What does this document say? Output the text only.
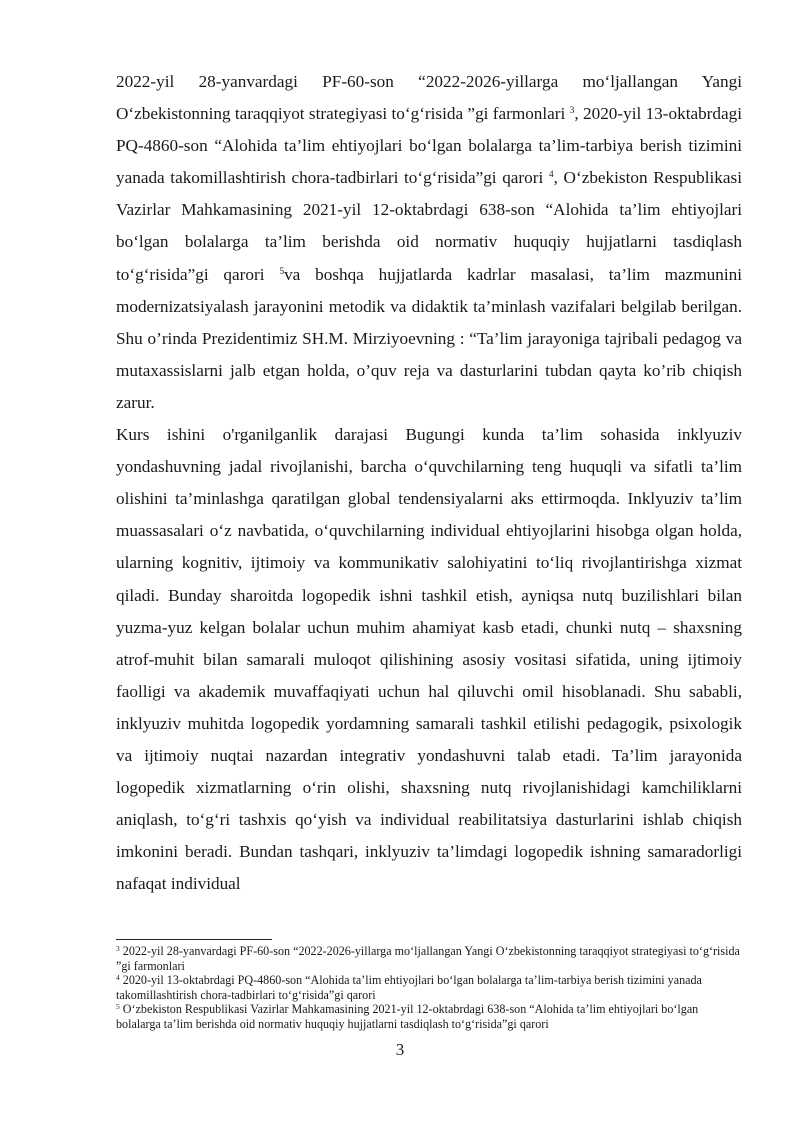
2022-yil 28-yanvardagi PF-60-son “2022-2026-yillarga mo‘ljallangan Yangi O‘zbekistonning taraqqiyot strategiyasi to‘g‘risida ”gi farmonlari $^3$, 2020-yil 13-oktabrdagi PQ-4860-son “Alohida ta’lim ehtiyojlari bo‘lgan bolalarga ta’lim-tarbiya berish tizimini yanada takomillashtirish chora-tadbirlari to‘g‘risida”gi qarori $^4$, O‘zbekiston Respublikasi Vazirlar Mahkamasining 2021-yil 12-oktabrdagi 638-son “Alohida ta’lim ehtiyojlari bo‘lgan bolalarga ta’lim berishda oid normativ huquqiy hujjatlarni tasdiqlash to‘g‘risida”gi qarori $^5$va boshqa hujjatlarda kadrlar masalasi, ta’lim mazmunini modernizatsiyalash jarayonini metodik va didaktik ta’minlash vazifalari belgilab berilgan. Shu o’rinda Prezidentimiz SH.M. Mirziyoevning : “Ta’lim jarayoniga tajribali pedagog va mutaxassislarni jalb etgan holda, o’quv reja va dasturlarini tubdan qayta ko’rib chiqish zarur.

Kurs ishini o'rganilganlik darajasi Bugungi kunda ta’lim sohasida inklyuziv yondashuvning jadal rivojlanishi, barcha o‘quvchilarning teng huquqli va sifatli ta’lim olishini ta’minlashga qaratilgan global tendensiyalarni aks ettirmoqda. Inklyuziv ta’lim muassasalari o‘z navbatida, o‘quvchilarning individual ehtiyojlarini hisobga olgan holda, ularning kognitiv, ijtimoiy va kommunikativ salohiyatini to‘liq rivojlantirishga xizmat qiladi. Bunday sharoitda logopedik ishni tashkil etish, ayniqsa nutq buzilishlari bilan yuzma-yuz kelgan bolalar uchun muhim ahamiyat kasb etadi, chunki nutq – shaxsning atrof-muhit bilan samarali muloqot qilishining asosiy vositasi sifatida, uning ijtimoiy faolligi va akademik muvaffaqiyati uchun hal qiluvchi omil hisoblanadi. Shu sababli, inklyuziv muhitda logopedik yordamning samarali tashkil etilishi pedagogik, psixologik va ijtimoiy nuqtai nazardan integrativ yondashuvni talab etadi. Ta’lim jarayonida logopedik xizmatlarning o‘rin olishi, shaxsning nutq rivojlanishidagi kamchiliklarni aniqlash, to‘g‘ri tashxis qo‘yish va individual reabilitatsiya dasturlarini ishlab chiqish imkonini beradi. Bundan tashqari, inklyuziv ta’limdagi logopedik ishning samaradorligi nafaqat individual

$^3$ 2022-yil 28-yanvardagi PF-60-son “2022-2026-yillarga mo‘ljallangan Yangi O‘zbekistonning taraqqiyot strategiyasi to‘g‘risida ”gi farmonlari

$^4$ 2020-yil 13-oktabrdagi PQ-4860-son “Alohida ta’lim ehtiyojlari bo‘lgan bolalarga ta’lim-tarbiya berish tizimini yanada takomillashtirish chora-tadbirlari to‘g‘risida”gi qarori

$^5$ O‘zbekiston Respublikasi Vazirlar Mahkamasining 2021-yil 12-oktabrdagi 638-son “Alohida ta’lim ehtiyojlari bo‘lgan bolalarga ta’lim berishda oid normativ huquqiy hujjatlarni tasdiqlash to‘g‘risida”gi qarori

3
